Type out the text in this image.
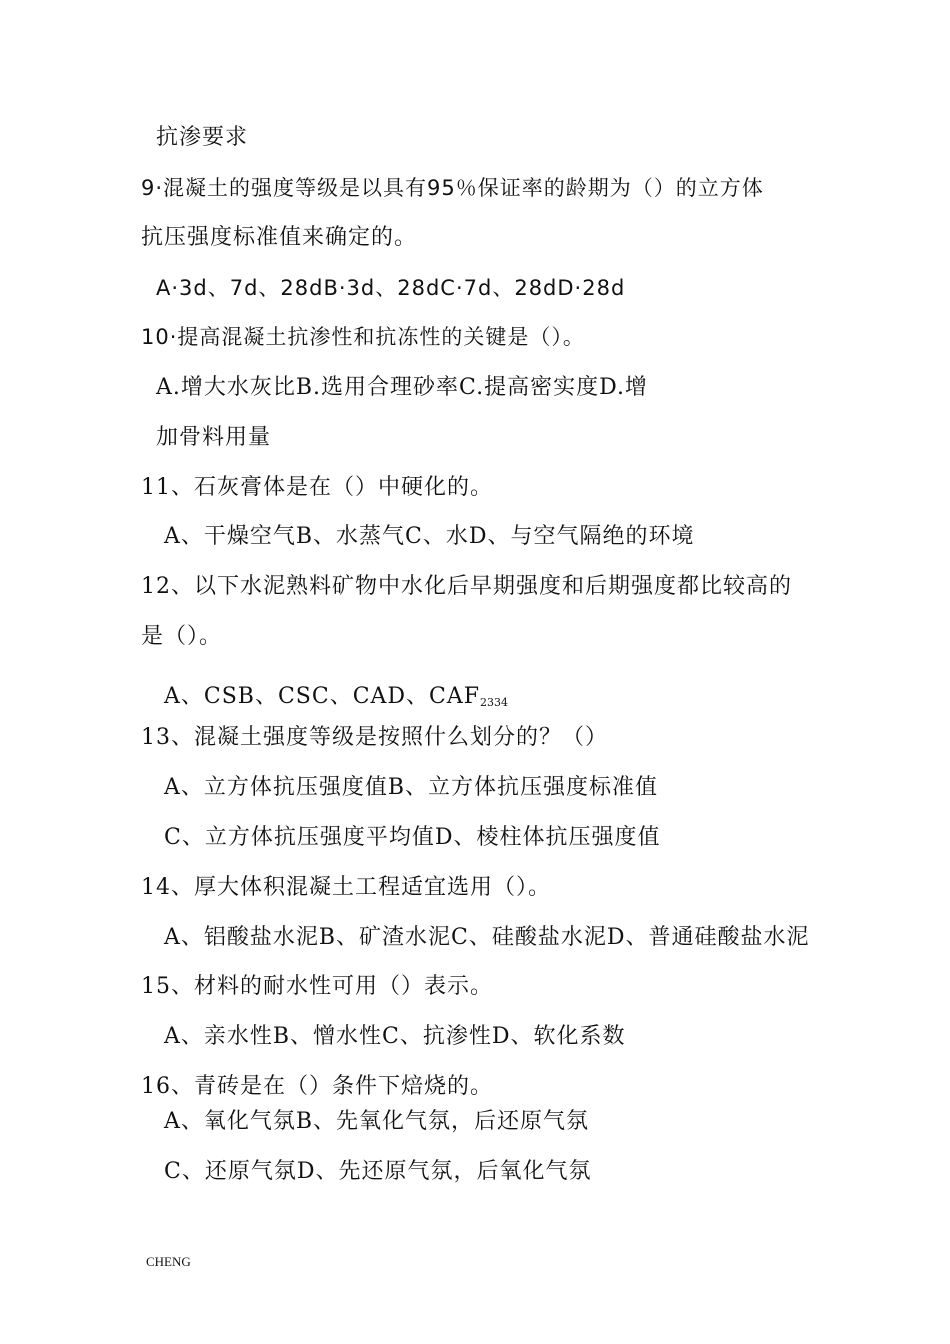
抗渗要求
9·混凝土的强度等级是以具有95％保证率的龄期为（）的立方体
抗压强度标准值来确定的。
A·3d、7d、28dB·3d、28dC·7d、28dD·28d
10·提高混凝土抗渗性和抗冻性的关键是（）。
A.增大水灰比B.选用合理砂率C.提高密实度D.增
加骨料用量
11、石灰膏体是在（）中硬化的。
A、干燥空气B、水蒸气C、水D、与空气隔绝的环境
12、以下水泥熟料矿物中水化后早期强度和后期强度都比较高的
是（）。
A、CSB、CSC、CAD、$CAF_{2334}$
13、混凝土强度等级是按照什么划分的？（）
A、立方体抗压强度值B、立方体抗压强度标准值
C、立方体抗压强度平均值D、棱柱体抗压强度值
14、厚大体积混凝土工程适宜选用（）。
A、铝酸盐水泥B、矿渣水泥C、硅酸盐水泥D、普通硅酸盐水泥
15、材料的耐水性可用（）表示。
A、亲水性B、憎水性C、抗渗性D、软化系数
16、青砖是在（）条件下焙烧的。
A、氧化气氛B、先氧化气氛，后还原气氛
C、还原气氛D、先还原气氛，后氧化气氛
CHENG
